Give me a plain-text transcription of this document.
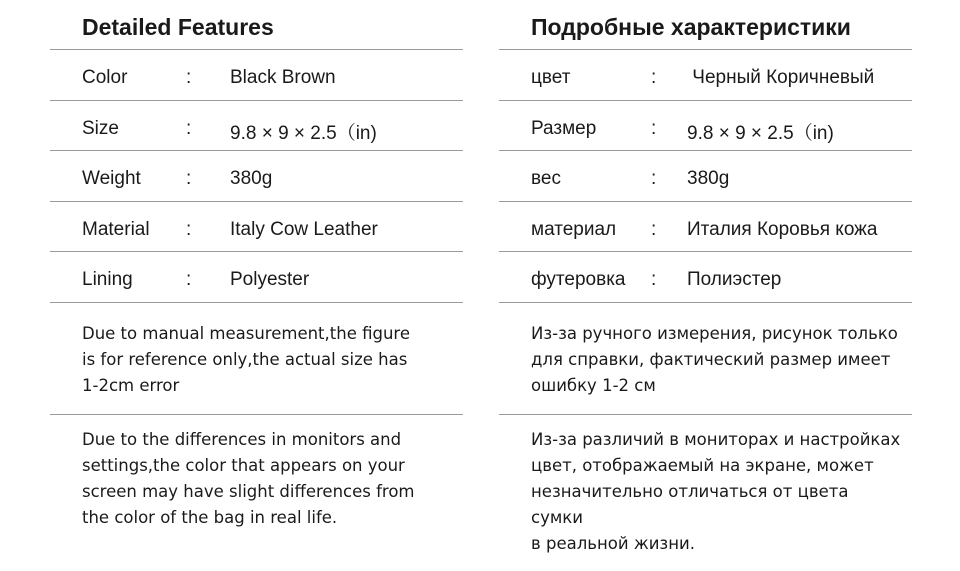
Detailed Features
Color	: Black Brown
Size	: 9.8 × 9 × 2.5（in)
Weight : 380g
Material : Italy Cow Leather
Lining	: Polyester

Due to manual measurement,the figure

is for reference only,the actual size has

1-2cm error

Due to the differences in monitors and

settings,the color that appears on your

screen may have slight differences from

the color of the bag in real life.

Подробные характеристики
цвет	: Черный Коричневый
Размер	: 9.8 × 9 × 2.5（in)
вес	: 380g
материал : Италия Коровья кожа
футеровка : Полиэстер

Из-за ручного измерения, рисунок только

для справки, фактический размер имеет

ошибку 1-2 см

Из-за различий в мониторах и настройках

цвет, отображаемый на экране, может

незначительно отличаться от цвета сумки

в реальной жизни.
